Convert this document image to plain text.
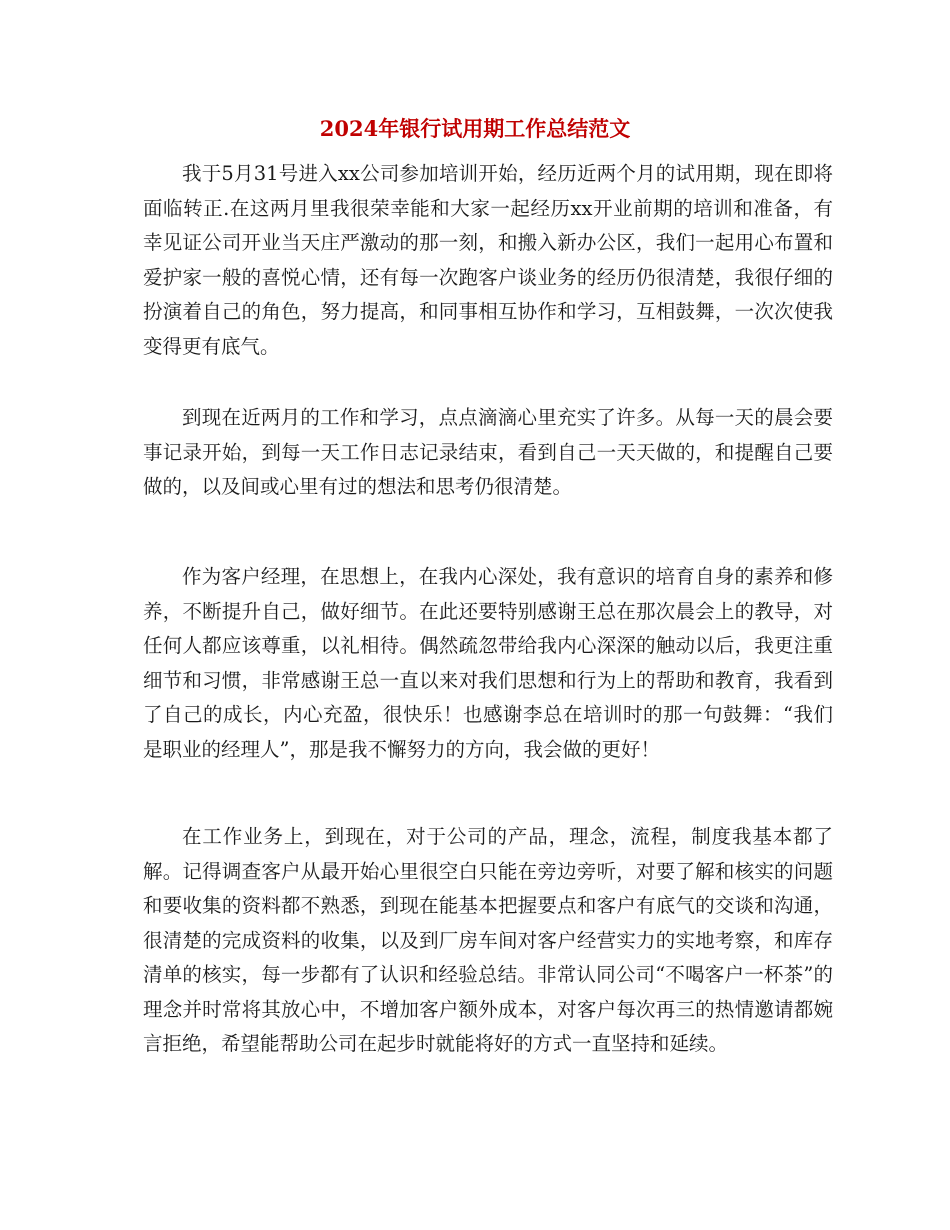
2024年银行试用期工作总结范文

我于5月31号进入xx公司参加培训开始，经历近两个月的试用期，现在即将面临转正.在这两月里我很荣幸能和大家一起经历xx开业前期的培训和准备，有幸见证公司开业当天庄严激动的那一刻，和搬入新办公区，我们一起用心布置和爱护家一般的喜悦心情，还有每一次跑客户谈业务的经历仍很清楚，我很仔细的扮演着自己的角色，努力提高，和同事相互协作和学习，互相鼓舞，一次次使我变得更有底气。

到现在近两月的工作和学习，点点滴滴心里充实了许多。从每一天的晨会要事记录开始，到每一天工作日志记录结束，看到自己一天天做的，和提醒自己要做的，以及间或心里有过的想法和思考仍很清楚。

作为客户经理，在思想上，在我内心深处，我有意识的培育自身的素养和修养，不断提升自己，做好细节。在此还要特别感谢王总在那次晨会上的教导，对任何人都应该尊重，以礼相待。偶然疏忽带给我内心深深的触动以后，我更注重细节和习惯，非常感谢王总一直以来对我们思想和行为上的帮助和教育，我看到了自己的成长，内心充盈，很快乐！也感谢李总在培训时的那一句鼓舞：“我们是职业的经理人”，那是我不懈努力的方向，我会做的更好！

在工作业务上，到现在，对于公司的产品，理念，流程，制度我基本都了解。记得调查客户从最开始心里很空白只能在旁边旁听，对要了解和核实的问题和要收集的资料都不熟悉，到现在能基本把握要点和客户有底气的交谈和沟通，很清楚的完成资料的收集，以及到厂房车间对客户经营实力的实地考察，和库存清单的核实，每一步都有了认识和经验总结。非常认同公司“不喝客户一杯茶”的理念并时常将其放心中，不增加客户额外成本，对客户每次再三的热情邀请都婉言拒绝，希望能帮助公司在起步时就能将好的方式一直坚持和延续。
